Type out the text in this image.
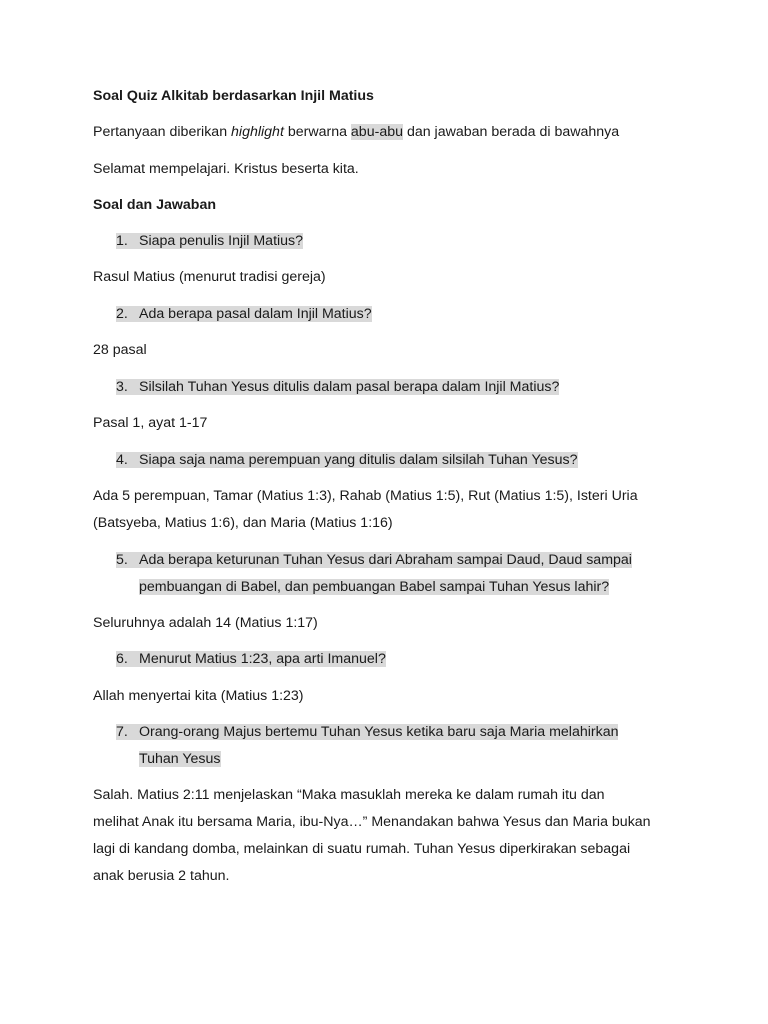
Soal Quiz Alkitab berdasarkan Injil Matius
Pertanyaan diberikan highlight berwarna abu-abu dan jawaban berada di bawahnya
Selamat mempelajari. Kristus beserta kita.
Soal dan Jawaban
1. Siapa penulis Injil Matius?
Rasul Matius (menurut tradisi gereja)
2. Ada berapa pasal dalam Injil Matius?
28 pasal
3. Silsilah Tuhan Yesus ditulis dalam pasal berapa dalam Injil Matius?
Pasal 1, ayat 1-17
4. Siapa saja nama perempuan yang ditulis dalam silsilah Tuhan Yesus?
Ada 5 perempuan, Tamar (Matius 1:3), Rahab (Matius 1:5), Rut (Matius 1:5), Isteri Uria
(Batsyeba, Matius 1:6), dan Maria (Matius 1:16)
5. Ada berapa keturunan Tuhan Yesus dari Abraham sampai Daud, Daud sampai
pembuangan di Babel, dan pembuangan Babel sampai Tuhan Yesus lahir?
Seluruhnya adalah 14 (Matius 1:17)
6. Menurut Matius 1:23, apa arti Imanuel?
Allah menyertai kita (Matius 1:23)
7. Orang-orang Majus bertemu Tuhan Yesus ketika baru saja Maria melahirkan
Tuhan Yesus
Salah. Matius 2:11 menjelaskan “Maka masuklah mereka ke dalam rumah itu dan
melihat Anak itu bersama Maria, ibu-Nya…” Menandakan bahwa Yesus dan Maria bukan
lagi di kandang domba, melainkan di suatu rumah. Tuhan Yesus diperkirakan sebagai
anak berusia 2 tahun.
